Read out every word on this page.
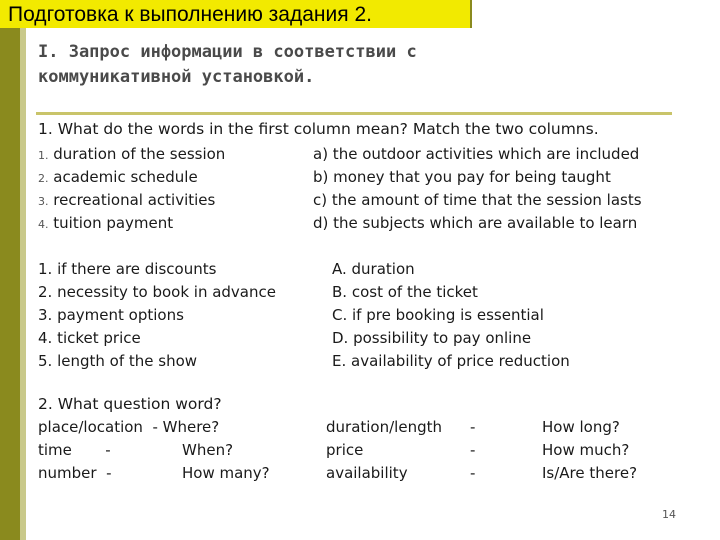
Подготовка к выполнению задания 2.
I. Запрос информации в соответствии с
коммуникативной установкой.
1. What do the words in the first column mean? Match the two columns.
1. duration of the session
2. academic schedule
3. recreational activities
4. tuition payment
a) the outdoor activities which are included
b) money that you pay for being taught
c) the amount of time that the session lasts
d) the subjects which are available to learn
1. if there are discounts
2. necessity to book in advance
3. payment options
4. ticket price
5. length of the show
A. duration
B. cost of the ticket
C. if pre booking is essential
D. possibility to pay online
E. availability of price reduction
2. What question word?
place/location  - Where?
time       -
number  -
When?
How many?
duration/length
price
availability
-
-
-
How long?
How much?
Is/Are there?
14
